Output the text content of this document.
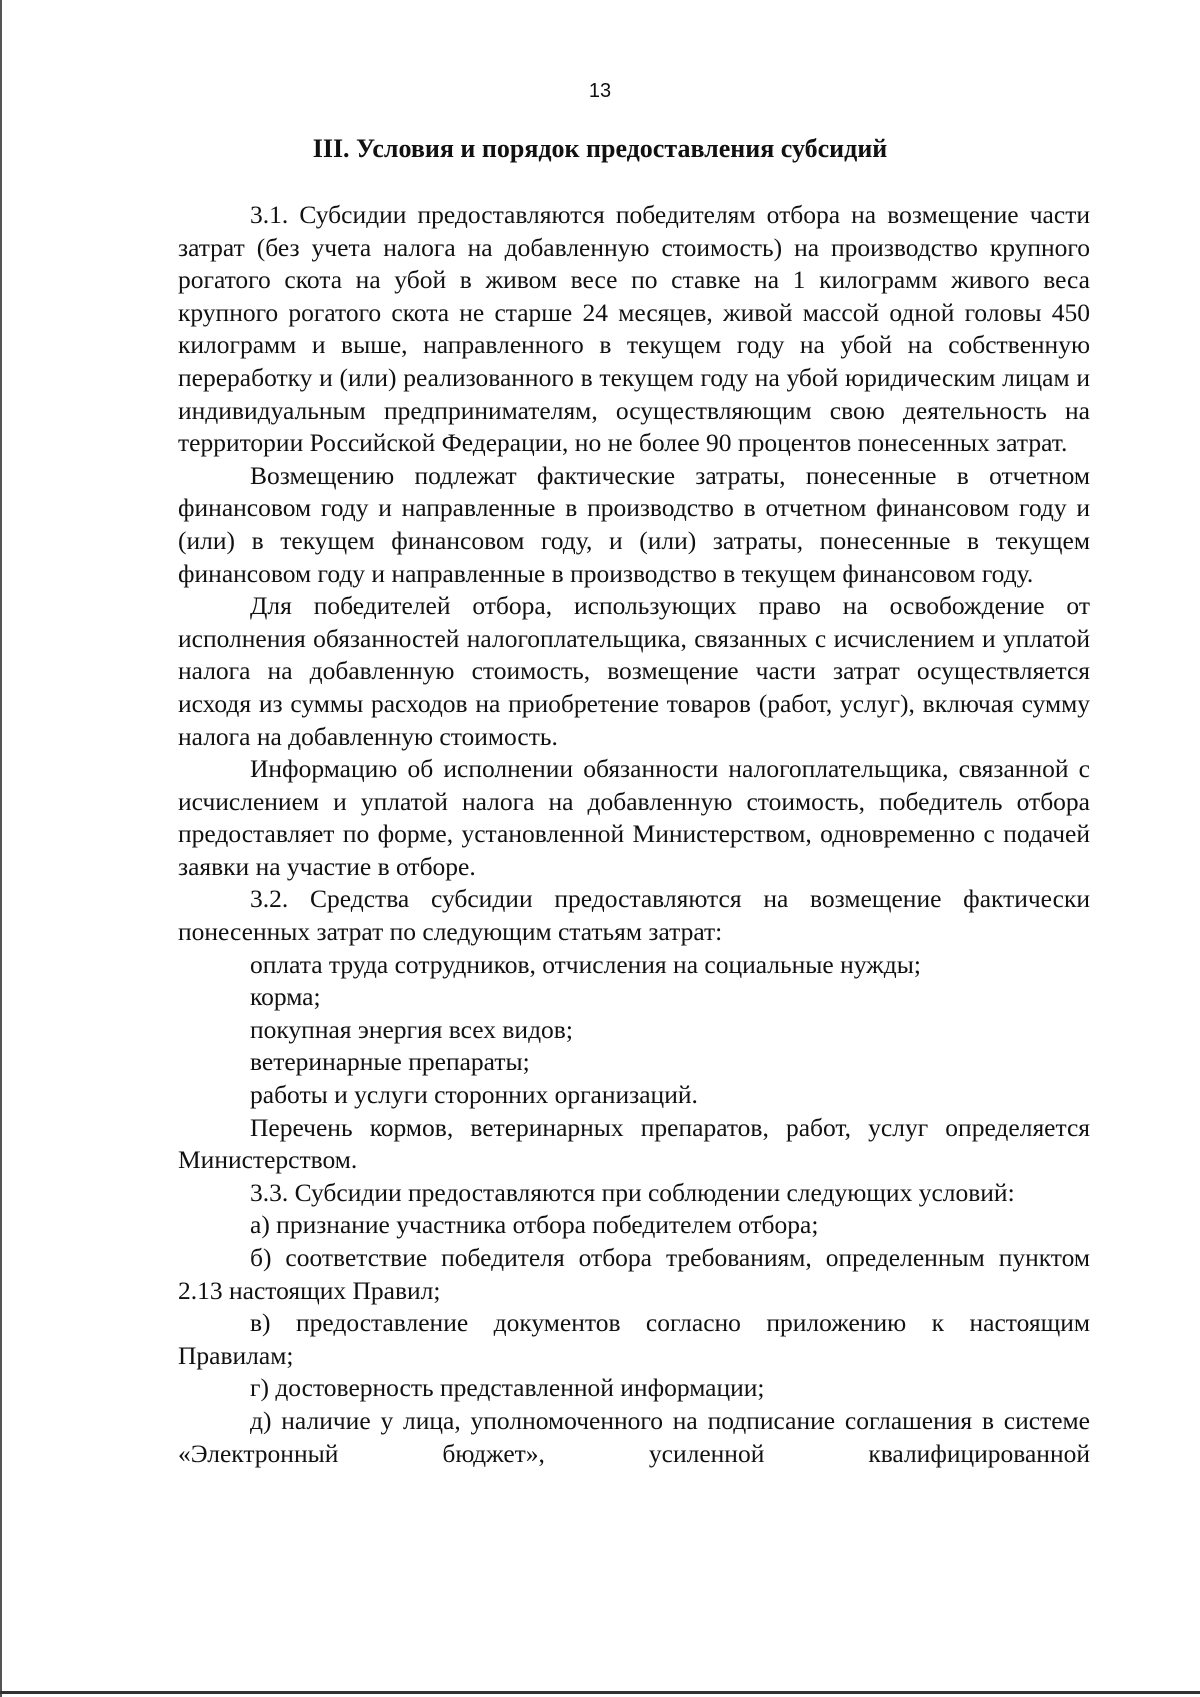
13
III. Условия и порядок предоставления субсидий

3.1. Субсидии предоставляются победителям отбора на возмещение части затрат (без учета налога на добавленную стоимость) на производство крупного рогатого скота на убой в живом весе по ставке на 1 килограмм живого веса крупного рогатого скота не старше 24 месяцев, живой массой одной головы 450 килограмм и выше, направленного в текущем году на убой на собственную переработку и (или) реализованного в текущем году на убой юридическим лицам и индивидуальным предпринимателям, осуществляющим свою деятельность на территории Российской Федерации, но не более 90 процентов понесенных затрат.

Возмещению подлежат фактические затраты, понесенные в отчетном финансовом году и направленные в производство в отчетном финансовом году и (или) в текущем финансовом году, и (или) затраты, понесенные в текущем финансовом году и направленные в производство в текущем финансовом году.

Для победителей отбора, использующих право на освобождение от исполнения обязанностей налогоплательщика, связанных с исчислением и уплатой налога на добавленную стоимость, возмещение части затрат осуществляется исходя из суммы расходов на приобретение товаров (работ, услуг), включая сумму налога на добавленную стоимость.

Информацию об исполнении обязанности налогоплательщика, связанной с исчислением и уплатой налога на добавленную стоимость, победитель отбора предоставляет по форме, установленной Министерством, одновременно с подачей заявки на участие в отборе.

3.2. Средства субсидии предоставляются на возмещение фактически понесенных затрат по следующим статьям затрат:

оплата труда сотрудников, отчисления на социальные нужды;

корма;

покупная энергия всех видов;

ветеринарные препараты;

работы и услуги сторонних организаций.

Перечень кормов, ветеринарных препаратов, работ, услуг определяется Министерством.

3.3. Субсидии предоставляются при соблюдении следующих условий:

а) признание участника отбора победителем отбора;

б) соответствие победителя отбора требованиям, определенным пунктом 2.13 настоящих Правил;

в) предоставление документов согласно приложению к настоящим Правилам;

г) достоверность представленной информации;

д) наличие у лица, уполномоченного на подписание соглашения в системе «Электронный бюджет», усиленной квалифицированной
